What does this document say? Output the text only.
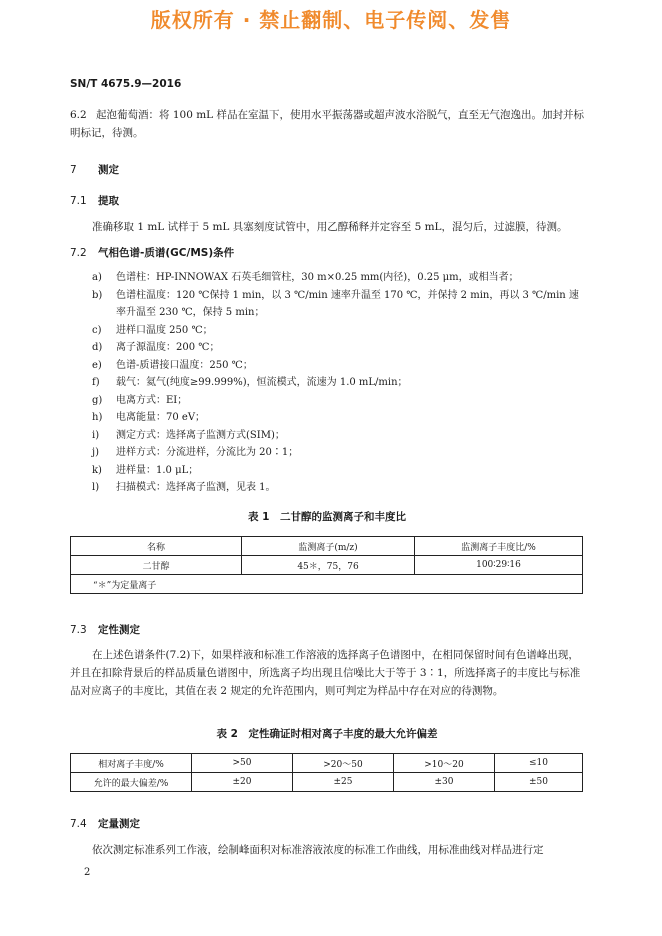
版权所有 · 禁止翻制、电子传阅、发售
SN/T 4675.9—2016
6.2 起泡葡萄酒：将 100 mL 样品在室温下，使用水平振荡器或超声波水浴脱气，直至无气泡逸出。加封并标明标记，待测。
7 测定
7.1 提取
准确移取 1 mL 试样于 5 mL 具塞刻度试管中，用乙醇稀释并定容至 5 mL，混匀后，过滤膜，待测。
7.2 气相色谱-质谱(GC/MS)条件
a) 色谱柱：HP-INNOWAX 石英毛细管柱，30 m×0.25 mm(内径)，0.25 μm，或相当者；
b) 色谱柱温度：120 ℃保持 1 min，以 3 ℃/min 速率升温至 170 ℃，并保持 2 min，再以 3 ℃/min 速率升温至 230 ℃，保持 5 min；
c) 进样口温度 250 ℃；
d) 离子源温度：200 ℃；
e) 色谱-质谱接口温度：250 ℃；
f) 载气：氦气(纯度≥99.999%)，恒流模式，流速为 1.0 mL/min；
g) 电离方式：EI；
h) 电离能量：70 eV；
i) 测定方式：选择离子监测方式(SIM)；
j) 进样方式：分流进样，分流比为 20∶1；
k) 进样量：1.0 μL；
l) 扫描模式：选择离子监测，见表 1。
表 1　二甘醇的监测离子和丰度比
名称	监测离子(m/z)	监测离子丰度比/%
二甘醇	45＊，75，76	100∶29∶16
“＊”为定量离子		
7.3 定性测定
在上述色谱条件(7.2)下，如果样液和标准工作溶液的选择离子色谱图中，在相同保留时间有色谱峰出现，并且在扣除背景后的样品质量色谱图中，所选离子均出现且信噪比大于等于 3∶1，所选择离子的丰度比与标准品对应离子的丰度比，其值在表 2 规定的允许范围内，则可判定为样品中存在对应的待测物。
表 2　定性确证时相对离子丰度的最大允许偏差
相对离子丰度/%	>50	>20～50	>10～20	≤10
允许的最大偏差/%	±20	±25	±30	±50
7.4 定量测定
依次测定标准系列工作液，绘制峰面积对标准溶液浓度的标准工作曲线，用标准曲线对样品进行定
2
